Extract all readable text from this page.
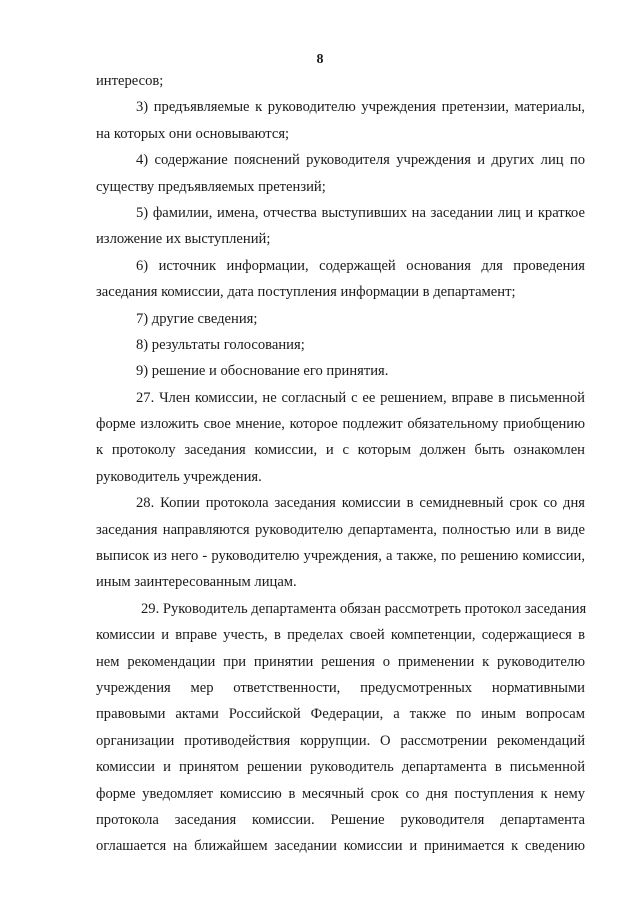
8
интересов;
3) предъявляемые к руководителю учреждения претензии, материалы,
на которых они основываются;
4) содержание пояснений руководителя учреждения и других лиц по
существу предъявляемых претензий;
5) фамилии, имена, отчества выступивших на заседании лиц и краткое
изложение их выступлений;
6) источник информации, содержащей основания для проведения
заседания комиссии, дата поступления информации в департамент;
7) другие сведения;
8) результаты голосования;
9) решение и обоснование его принятия.
27. Член комиссии, не согласный с ее решением, вправе в письменной
форме изложить свое мнение, которое подлежит обязательному приобщению
к протоколу заседания комиссии, и с которым должен быть ознакомлен
руководитель учреждения.
28. Копии протокола заседания комиссии в семидневный срок со дня
заседания направляются руководителю департамента, полностью или в виде
выписок из него - руководителю учреждения, а также, по решению комиссии,
иным заинтересованным лицам.
29. Руководитель департамента обязан рассмотреть протокол заседания
комиссии и вправе учесть, в пределах своей компетенции, содержащиеся в
нем рекомендации при принятии решения о применении к руководителю
учреждения мер ответственности, предусмотренных нормативными
правовыми актами Российской Федерации, а также по иным вопросам
организации противодействия коррупции. О рассмотрении рекомендаций
комиссии и принятом решении руководитель департамента в письменной
форме уведомляет комиссию в месячный срок со дня поступления к нему
протокола заседания комиссии. Решение руководителя департамента
оглашается на ближайшем заседании комиссии и принимается к сведению
